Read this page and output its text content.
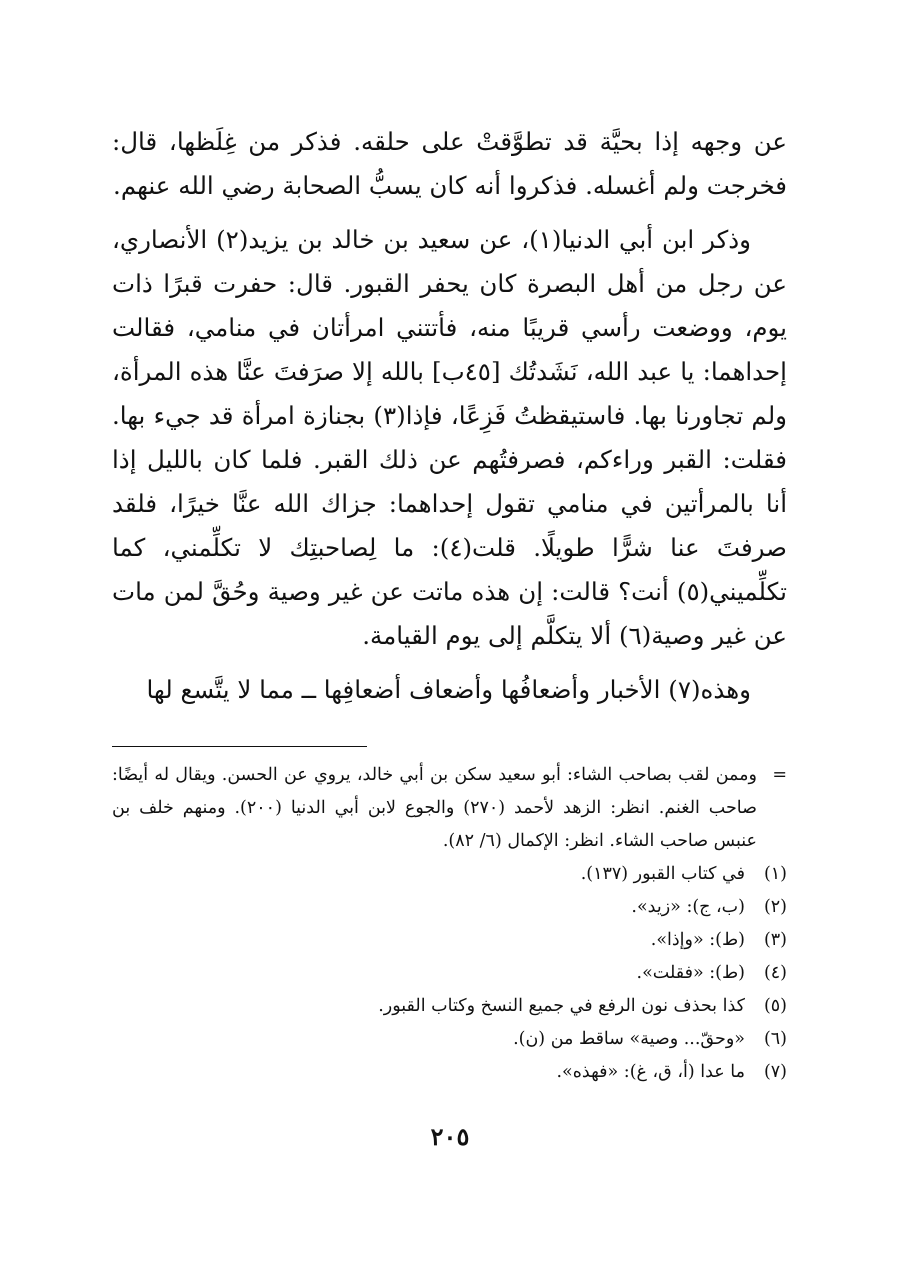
عن وجهه إذا بحيَّة قد تطوَّقتْ على حلقه. فذكر من غِلَظها، قال: فخرجت ولم أغسله. فذكروا أنه كان يسبُّ الصحابة رضي الله عنهم.

وذكر ابن أبي الدنيا(١)، عن سعيد بن خالد بن يزيد(٢) الأنصاري، عن رجل من أهل البصرة كان يحفر القبور. قال: حفرت قبرًا ذات يوم، ووضعت رأسي قريبًا منه، فأتتني امرأتان في منامي، فقالت إحداهما: يا عبد الله، نَشَدتُك [٤٥ب] بالله إلا صرَفتَ عنَّا هذه المرأة، ولم تجاورنا بها. فاستيقظتُ فَزِعًا، فإذا(٣) بجنازة امرأة قد جيء بها. فقلت: القبر وراءكم، فصرفتُهم عن ذلك القبر. فلما كان بالليل إذا أنا بالمرأتين في منامي تقول إحداهما: جزاك الله عنَّا خيرًا، فلقد صرفتَ عنا شرًّا طويلًا. قلت(٤): ما لِصاحبتِك لا تكلِّمني، كما تكلِّميني(٥) أنت؟ قالت: إن هذه ماتت عن غير وصية وحُقَّ لمن مات عن غير وصية(٦) ألا يتكلَّم إلى يوم القيامة.

وهذه(٧) الأخبار وأضعافُها وأضعاف أضعافِها ــ مما لا يتَّسع لها

=
وممن لقب بصاحب الشاء: أبو سعيد سكن بن أبي خالد، يروي عن الحسن. ويقال له أيضًا: صاحب الغنم. انظر: الزهد لأحمد (٢٧٠) والجوع لابن أبي الدنيا (٢٠٠). ومنهم خلف بن عنبس صاحب الشاء. انظر: الإكمال (٦/ ٨٢).
(١)
في كتاب القبور (١٣٧).
(٢)
(ب، ج): «زيد».
(٣)
(ط): «وإذا».
(٤)
(ط): «فقلت».
(٥)
كذا بحذف نون الرفع في جميع النسخ وكتاب القبور.
(٦)
«وحقّ... وصية» ساقط من (ن).
(٧)
ما عدا (أ، ق، غ): «فهذه».
٢٠٥
